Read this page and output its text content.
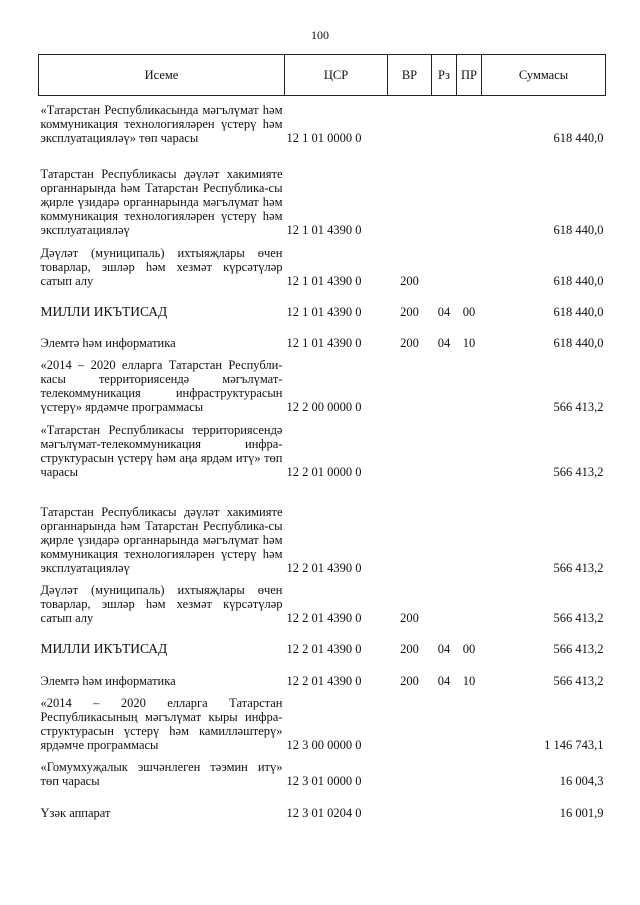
100
Исеме	ЦСР	ВР	Рз	ПР	Суммасы
«Татарстан Республикасында мәгълүмат һәм коммуникация технологияләрен үстерү һәм эксплуатацияләү» төп чарасы	12 1 01 0000 0				618 440,0
Татарстан Республикасы дәүләт хакимияте органнарында һәм Татарстан Республика-сы җирле үзидарә органнарында мәгълүмат һәм коммуникация технологияләрен үстерү һәм эксплуатацияләү	12 1 01 4390 0				618 440,0
Дәүләт (муниципаль) ихтыяҗлары өчен товарлар, эшләр һәм хезмәт күрсәтүләр сатып алу	12 1 01 4390 0	200			618 440,0
МИЛЛИ ИКЪТИСАД	12 1 01 4390 0	200	04	00	618 440,0
Элемтә һәм информатика	12 1 01 4390 0	200	04	10	618 440,0
«2014 – 2020 елларга Татарстан Республи-касы территориясендә мәгълүмат-телекоммуникация инфраструктурасын үстерү» ярдәмче программасы	12 2 00 0000 0				566 413,2
«Татарстан Республикасы территориясендә мәгълүмат-телекоммуникация инфра-структурасын үстерү һәм аңа ярдәм итү» төп чарасы	12 2 01 0000 0				566 413,2
Татарстан Республикасы дәүләт хакимияте органнарында һәм Татарстан Республика-сы җирле үзидарә органнарында мәгълүмат һәм коммуникация технологияләрен үстерү һәм эксплуатацияләү	12 2 01 4390 0				566 413,2
Дәүләт (муниципаль) ихтыяҗлары өчен товарлар, эшләр һәм хезмәт күрсәтүләр сатып алу	12 2 01 4390 0	200			566 413,2
МИЛЛИ ИКЪТИСАД	12 2 01 4390 0	200	04	00	566 413,2
Элемтә һәм информатика	12 2 01 4390 0	200	04	10	566 413,2
«2014 – 2020 елларга Татарстан Республикасының мәгълүмат кыры инфра-структурасын үстерү һәм камилләштерү» ярдәмче программасы	12 3 00 0000 0				1 146 743,1
«Гомумхуҗалык эшчәнлеген тәэмин итү» төп чарасы	12 3 01 0000 0				16 004,3
Үзәк аппарат	12 3 01 0204 0				16 001,9
